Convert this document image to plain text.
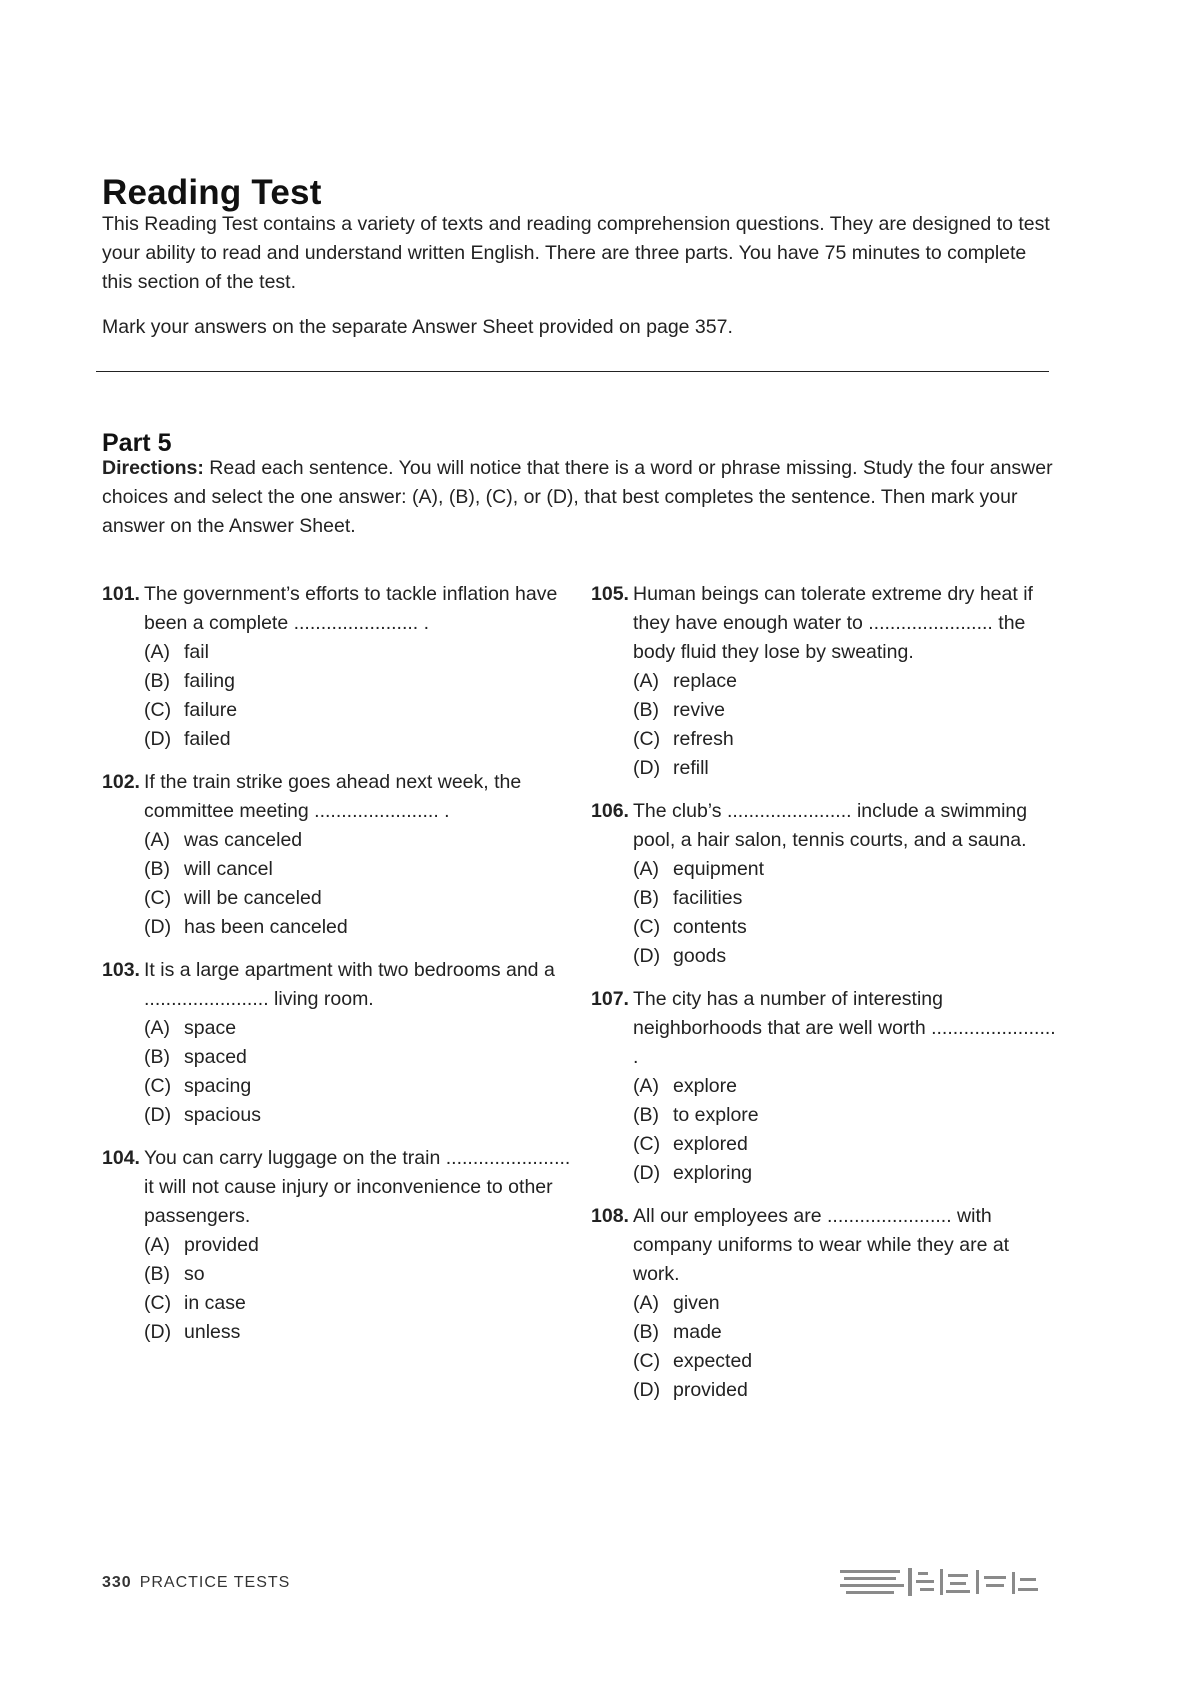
Reading Test

This Reading Test contains a variety of texts and reading comprehension questions. They are designed to test your ability to read and understand written English. There are three parts. You have 75 minutes to complete this section of the test.

Mark your answers on the separate Answer Sheet provided on page 357.

Part 5

Directions: Read each sentence. You will notice that there is a word or phrase missing. Study the four answer choices and select the one answer: (A), (B), (C), or (D), that best completes the sentence. Then mark your answer on the Answer Sheet.

101. The government’s efforts to tackle inflation have been a complete ....................... .
(A) fail
(B) failing
(C) failure
(D) failed
102. If the train strike goes ahead next week, the committee meeting ....................... .
(A) was canceled
(B) will cancel
(C) will be canceled
(D) has been canceled
103. It is a large apartment with two bedrooms and a ....................... living room.
(A) space
(B) spaced
(C) spacing
(D) spacious
104. You can carry luggage on the train ....................... it will not cause injury or inconvenience to other passengers.
(A) provided
(B) so
(C) in case
(D) unless
105. Human beings can tolerate extreme dry heat if they have enough water to ....................... the body fluid they lose by sweating.
(A) replace
(B) revive
(C) refresh
(D) refill
106. The club’s ....................... include a swimming pool, a hair salon, tennis courts, and a sauna.
(A) equipment
(B) facilities
(C) contents
(D) goods
107. The city has a number of interesting neighborhoods that are well worth ....................... .
(A) explore
(B) to explore
(C) explored
(D) exploring
108. All our employees are ....................... with company uniforms to wear while they are at work.
(A) given
(B) made
(C) expected
(D) provided
330 PRACTICE TESTS
